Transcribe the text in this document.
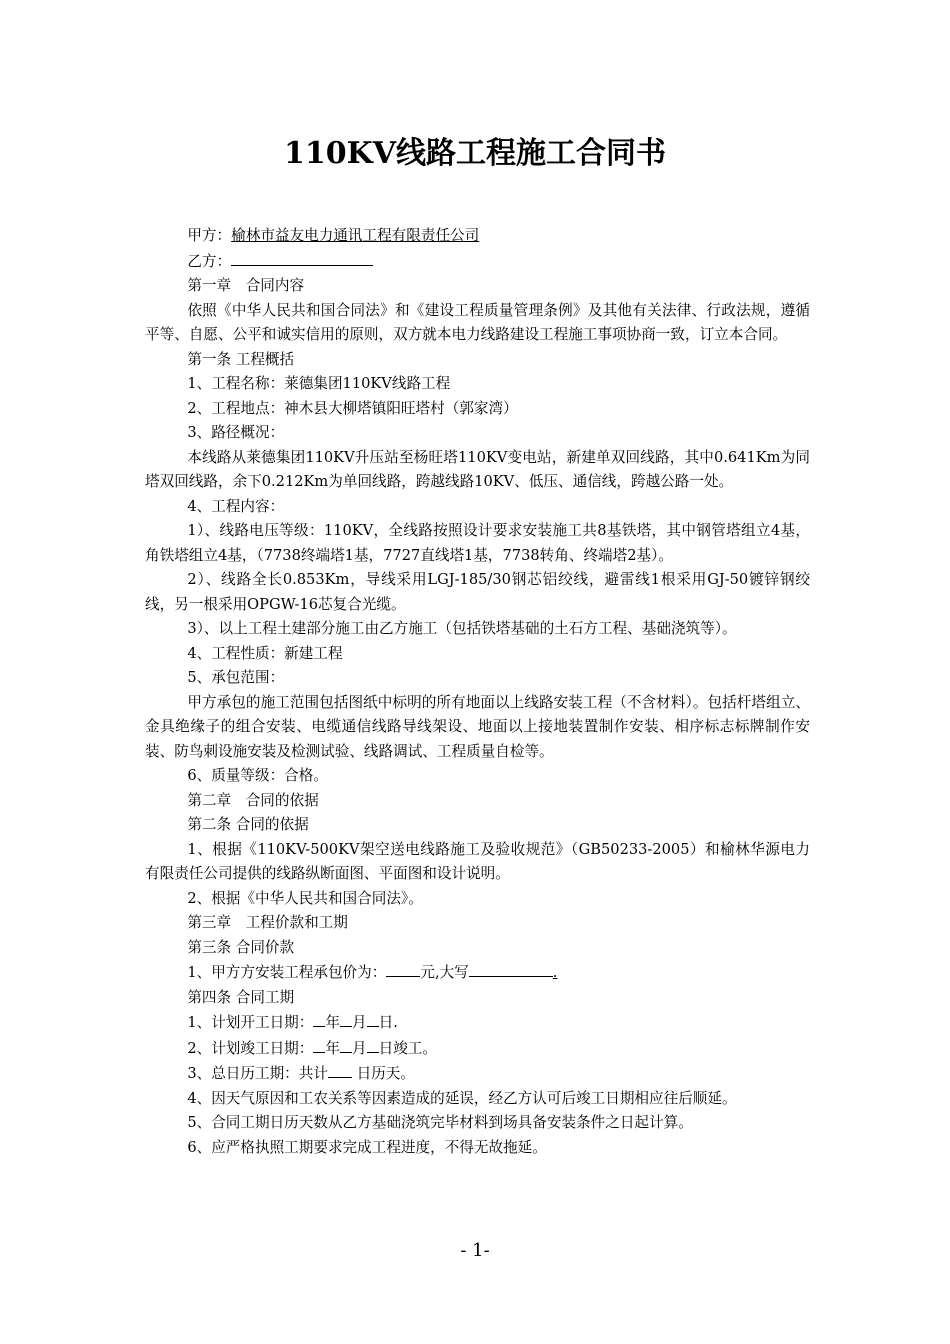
110KV线路工程施工合同书

甲方：榆林市益友电力通讯工程有限责任公司

乙方：

第一章　合同内容

依照《中华人民共和国合同法》和《建设工程质量管理条例》及其他有关法律、行政法规，遵循平等、自愿、公平和诚实信用的原则，双方就本电力线路建设工程施工事项协商一致，订立本合同。

第一条 工程概括

1、工程名称：莱德集团110KV线路工程

2、工程地点：神木县大柳塔镇阳旺塔村（郭家湾）

3、路径概况：

本线路从莱德集团110KV升压站至杨旺塔110KV变电站，新建单双回线路，其中0.641Km为同塔双回线路，余下0.212Km为单回线路，跨越线路10KV、低压、通信线，跨越公路一处。

4、工程内容：

1）、线路电压等级：110KV，全线路按照设计要求安装施工共8基铁塔，其中钢管塔组立4基，角铁塔组立4基，（7738终端塔1基，7727直线塔1基，7738转角、终端塔2基）。

2）、线路全长0.853Km，导线采用LGJ-185/30钢芯铝绞线，避雷线1根采用GJ-50镀锌钢绞线，另一根采用OPGW-16芯复合光缆。

3）、以上工程土建部分施工由乙方施工（包括铁塔基础的土石方工程、基础浇筑等）。

4、工程性质：新建工程

5、承包范围：

甲方承包的施工范围包括图纸中标明的所有地面以上线路安装工程（不含材料）。包括杆塔组立、金具绝缘子的组合安装、电缆通信线路导线架设、地面以上接地装置制作安装、相序标志标牌制作安装、防鸟刺设施安装及检测试验、线路调试、工程质量自检等。

6、质量等级：合格。

第二章　合同的依据

第二条 合同的依据

1、根据《110KV-500KV架空送电线路施工及验收规范》（GB50233-2005）和榆林华源电力有限责任公司提供的线路纵断面图、平面图和设计说明。

2、根据《中华人民共和国合同法》。

第三章　工程价款和工期

第三条 合同价款

1、甲方方安装工程承包价为： 元,大写	.

第四条 合同工期

1、计划开工日期： 年 月 日.

2、计划竣工日期： 年 月 日竣工。

3、总日历工期：共计 日历天。

4、因天气原因和工农关系等因素造成的延误，经乙方认可后竣工日期相应往后顺延。

5、合同工期日历天数从乙方基础浇筑完毕材料到场具备安装条件之日起计算。

6、应严格执照工期要求完成工程进度，不得无故拖延。

- 1-
